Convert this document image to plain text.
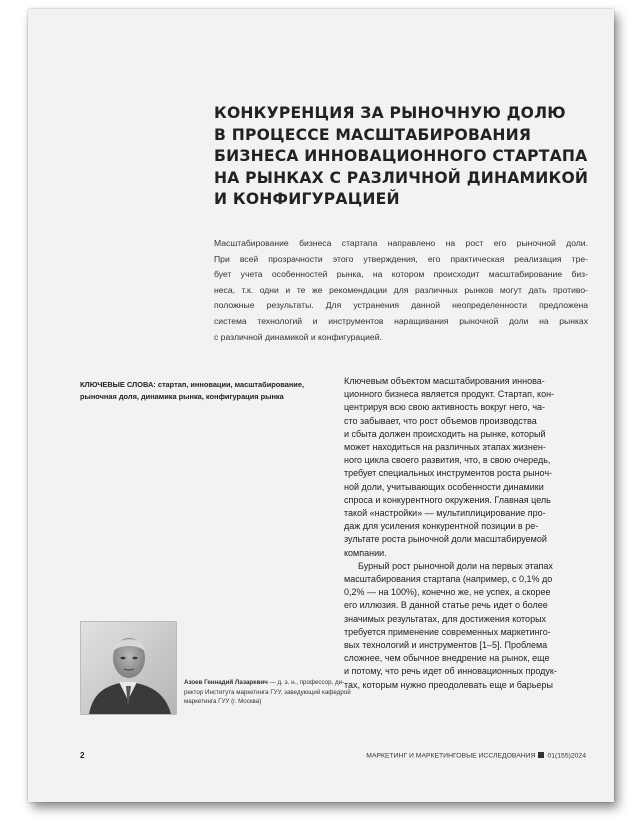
КОНКУРЕНЦИЯ ЗА РЫНОЧНУЮ ДОЛЮ
В ПРОЦЕССЕ МАСШТАБИРОВАНИЯ
БИЗНЕСА ИННОВАЦИОННОГО СТАРТАПА
НА РЫНКАХ С РАЗЛИЧНОЙ ДИНАМИКОЙ
И КОНФИГУРАЦИЕЙ
Масштабирование бизнеса стартапа направлено на рост его рыночной доли.
При всей прозрачности этого утверждения, его практическая реализация тре-
бует учета особенностей рынка, на котором происходит масштабирование биз-
неса, т.к. одни и те же рекомендации для различных рынков могут дать противо-
положные результаты. Для устранения данной неопределенности предложена
система технологий и инструментов наращивания рыночной доли на рынках
с различной динамикой и конфигурацией.
КЛЮЧЕВЫЕ СЛОВА: стартап, инновации, масштабирование,
рыночная доля, динамика рынка, конфигурация рынка
Ключевым объектом масштабирования иннова-
ционного бизнеса является продукт. Стартап, кон-
центрируя всю свою активность вокруг него, ча-
сто забывает, что рост объемов производства
и сбыта должен происходить на рынке, который
может находиться на различных этапах жизнен-
ного цикла своего развития, что, в свою очередь,
требует специальных инструментов роста рыноч-
ной доли, учитывающих особенности динамики
спроса и конкурентного окружения. Главная цель
такой «настройки» — мультиплицирование про-
даж для усиления конкурентной позиции в ре-
зультате роста рыночной доли масштабируемой
компании.
Бурный рост рыночной доли на первых этапах
масштабирования стартапа (например, с 0,1% до
0,2% — на 100%), конечно же, не успех, а скорее
его иллюзия. В данной статье речь идет о более
значимых результатах, для достижения которых
требуется применение современных маркетинго-
вых технологий и инструментов [1–5]. Проблема
сложнее, чем обычное внедрение на рынок, еще
и потому, что речь идет об инновационных продук-
тах, которым нужно преодолевать еще и барьеры
Азоев Геннадий Лазаревич — д. э. н., профессор, ди-
ректор Института маркетинга ГУУ, заведующий кафедрой
маркетинга ГУУ (г. Москва)
2	МАРКЕТИНГ И МАРКЕТИНГОВЫЕ ИССЛЕДОВАНИЯ 01(155)2024
